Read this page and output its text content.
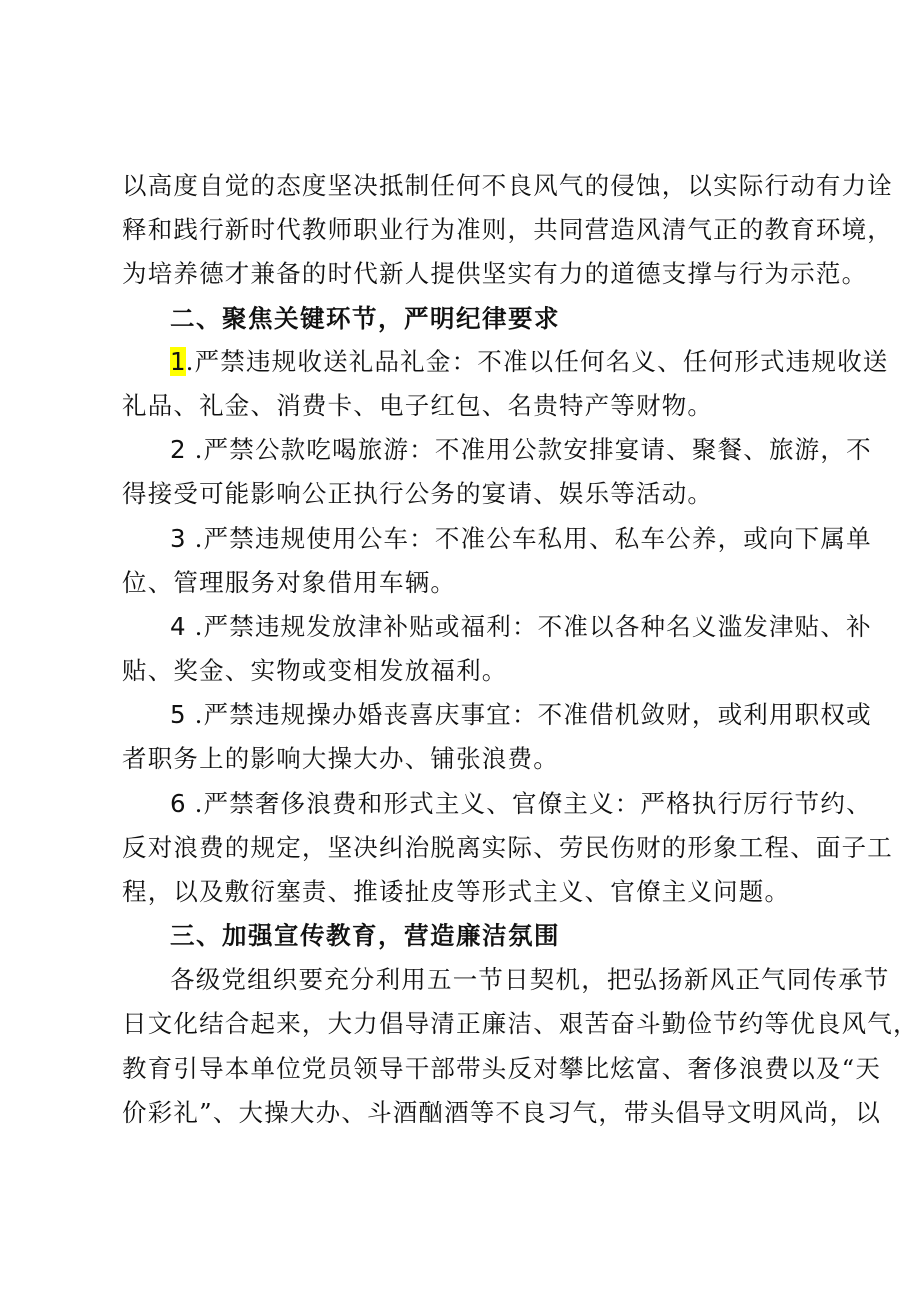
以高度自觉的态度坚决抵制任何不良风气的侵蚀，以实际行动有力诠
释和践行新时代教师职业行为准则，共同营造风清气正的教育环境，
为培养德才兼备的时代新人提供坚实有力的道德支撑与行为示范。
二、聚焦关键环节，严明纪律要求
1.严禁违规收送礼品礼金：不准以任何名义、任何形式违规收送
礼品、礼金、消费卡、电子红包、名贵特产等财物。
2 .严禁公款吃喝旅游：不准用公款安排宴请、聚餐、旅游，不
得接受可能影响公正执行公务的宴请、娱乐等活动。
3 .严禁违规使用公车：不准公车私用、私车公养，或向下属单
位、管理服务对象借用车辆。
4 .严禁违规发放津补贴或福利：不准以各种名义滥发津贴、补
贴、奖金、实物或变相发放福利。
5 .严禁违规操办婚丧喜庆事宜：不准借机敛财，或利用职权或
者职务上的影响大操大办、铺张浪费。
6 .严禁奢侈浪费和形式主义、官僚主义：严格执行厉行节约、
反对浪费的规定，坚决纠治脱离实际、劳民伤财的形象工程、面子工
程，以及敷衍塞责、推诿扯皮等形式主义、官僚主义问题。
三、加强宣传教育，营造廉洁氛围
各级党组织要充分利用五一节日契机，把弘扬新风正气同传承节
日文化结合起来，大力倡导清正廉洁、艰苦奋斗勤俭节约等优良风气，
教育引导本单位党员领导干部带头反对攀比炫富、奢侈浪费以及“天
价彩礼”、大操大办、斗酒酗酒等不良习气，带头倡导文明风尚，以
